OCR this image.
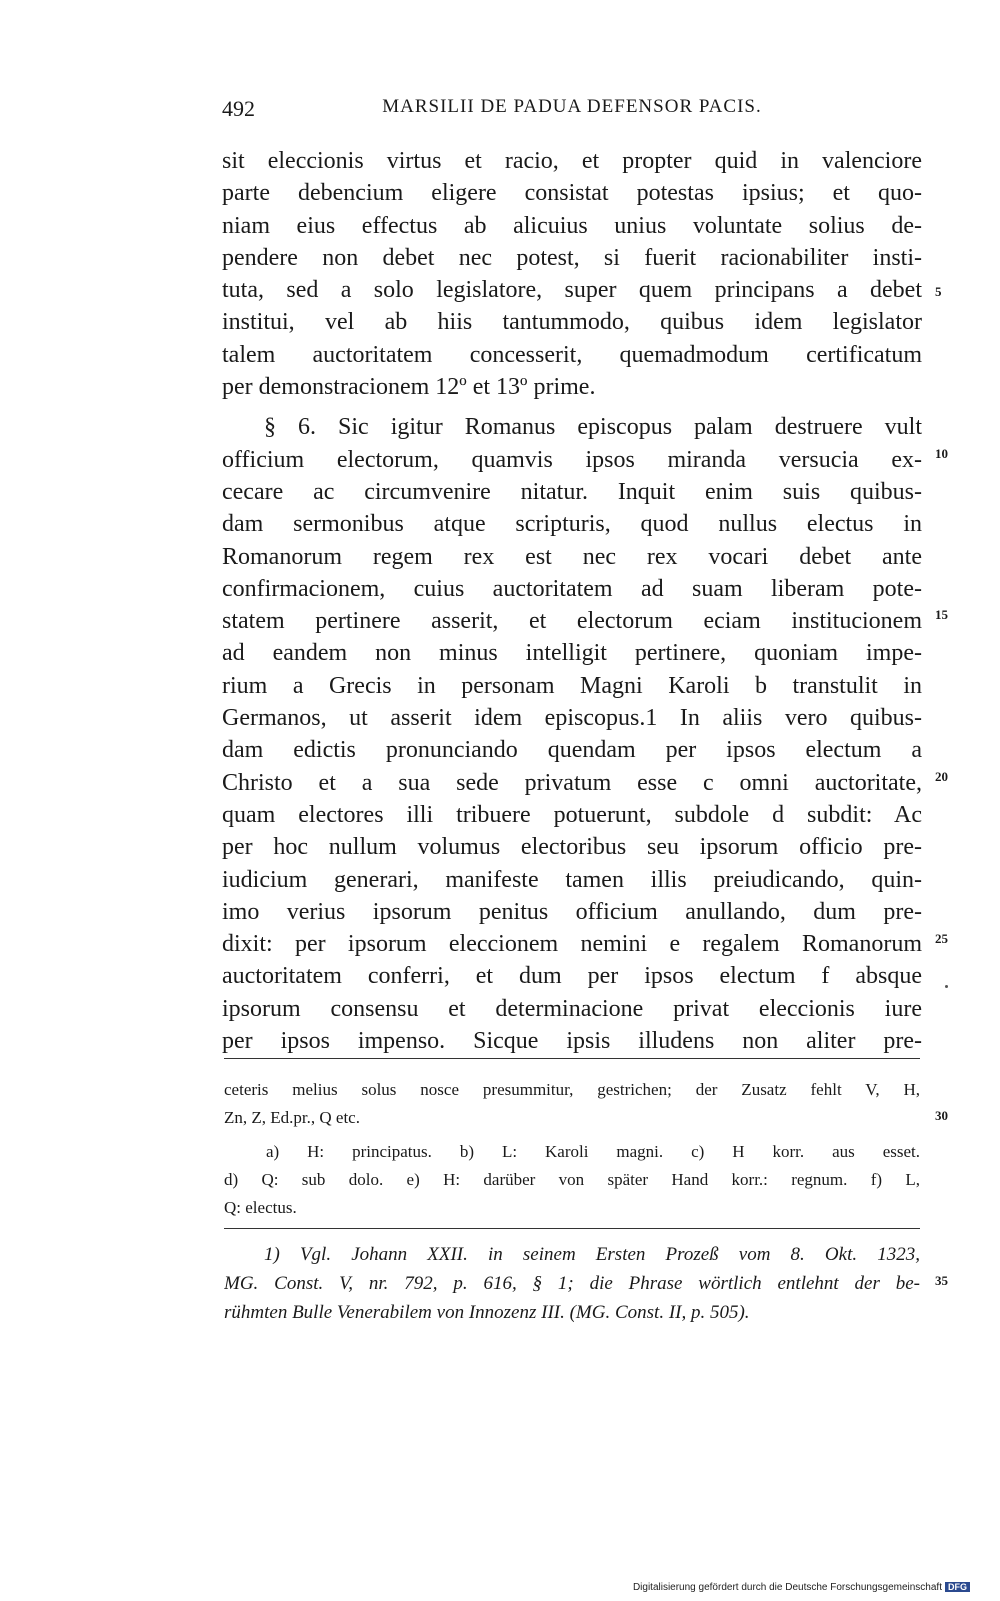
492	MARSILII DE PADUA DEFENSOR PACIS.
sit eleccionis virtus et racio, et propter quid in valenciore
parte debencium eligere consistat potestas ipsius; et quo-
niam eius effectus ab alicuius unius voluntate solius de-
pendere non debet nec potest, si fuerit racionabiliter insti-
tuta, sed a solo legislatore, super quem principans a debet
institui, vel ab hiis tantummodo, quibus idem legislator
talem auctoritatem concesserit, quemadmodum certificatum
per demonstracionem 12º et 13º prime.
§ 6. Sic igitur Romanus episcopus palam destruere vult
officium electorum, quamvis ipsos miranda versucia ex-
cecare ac circumvenire nitatur. Inquit enim suis quibus-
dam sermonibus atque scripturis, quod nullus electus in
Romanorum regem rex est nec rex vocari debet ante
confirmacionem, cuius auctoritatem ad suam liberam pote-
statem pertinere asserit, et electorum eciam institucionem
ad eandem non minus intelligit pertinere, quoniam impe-
rium a Grecis in personam Magni Karoli b transtulit in
Germanos, ut asserit idem episcopus.1 In aliis vero quibus-
dam edictis pronunciando quendam per ipsos electum a
Christo et a sua sede privatum esse c omni auctoritate,
quam electores illi tribuere potuerunt, subdole d subdit: Ac
per hoc nullum volumus electoribus seu ipsorum officio pre-
iudicium generari, manifeste tamen illis preiudicando, quin-
imo verius ipsorum penitus officium anullando, dum pre-
dixit: per ipsorum eleccionem nemini e regalem Romanorum
auctoritatem conferri, et dum per ipsos electum f absque
ipsorum consensu et determinacione privat eleccionis iure
per ipsos impenso. Sicque ipsis illudens non aliter pre-
5
10
15
20
25
30
35
ceteris melius solus nosce presummitur, gestrichen; der Zusatz fehlt V, H,
Zn, Z, Ed.pr., Q etc.
a) H: principatus. b) L: Karoli magni. c) H korr. aus esset.
d) Q: sub dolo. e) H: darüber von später Hand korr.: regnum. f) L,
Q: electus.
1) Vgl. Johann XXII. in seinem Ersten Prozeß vom 8. Okt. 1323,
MG. Const. V, nr. 792, p. 616, § 1; die Phrase wörtlich entlehnt der be-
rühmten Bulle Venerabilem von Innozenz III. (MG. Const. II, p. 505).
Digitalisierung gefördert durch die Deutsche Forschungsgemeinschaft DFG
